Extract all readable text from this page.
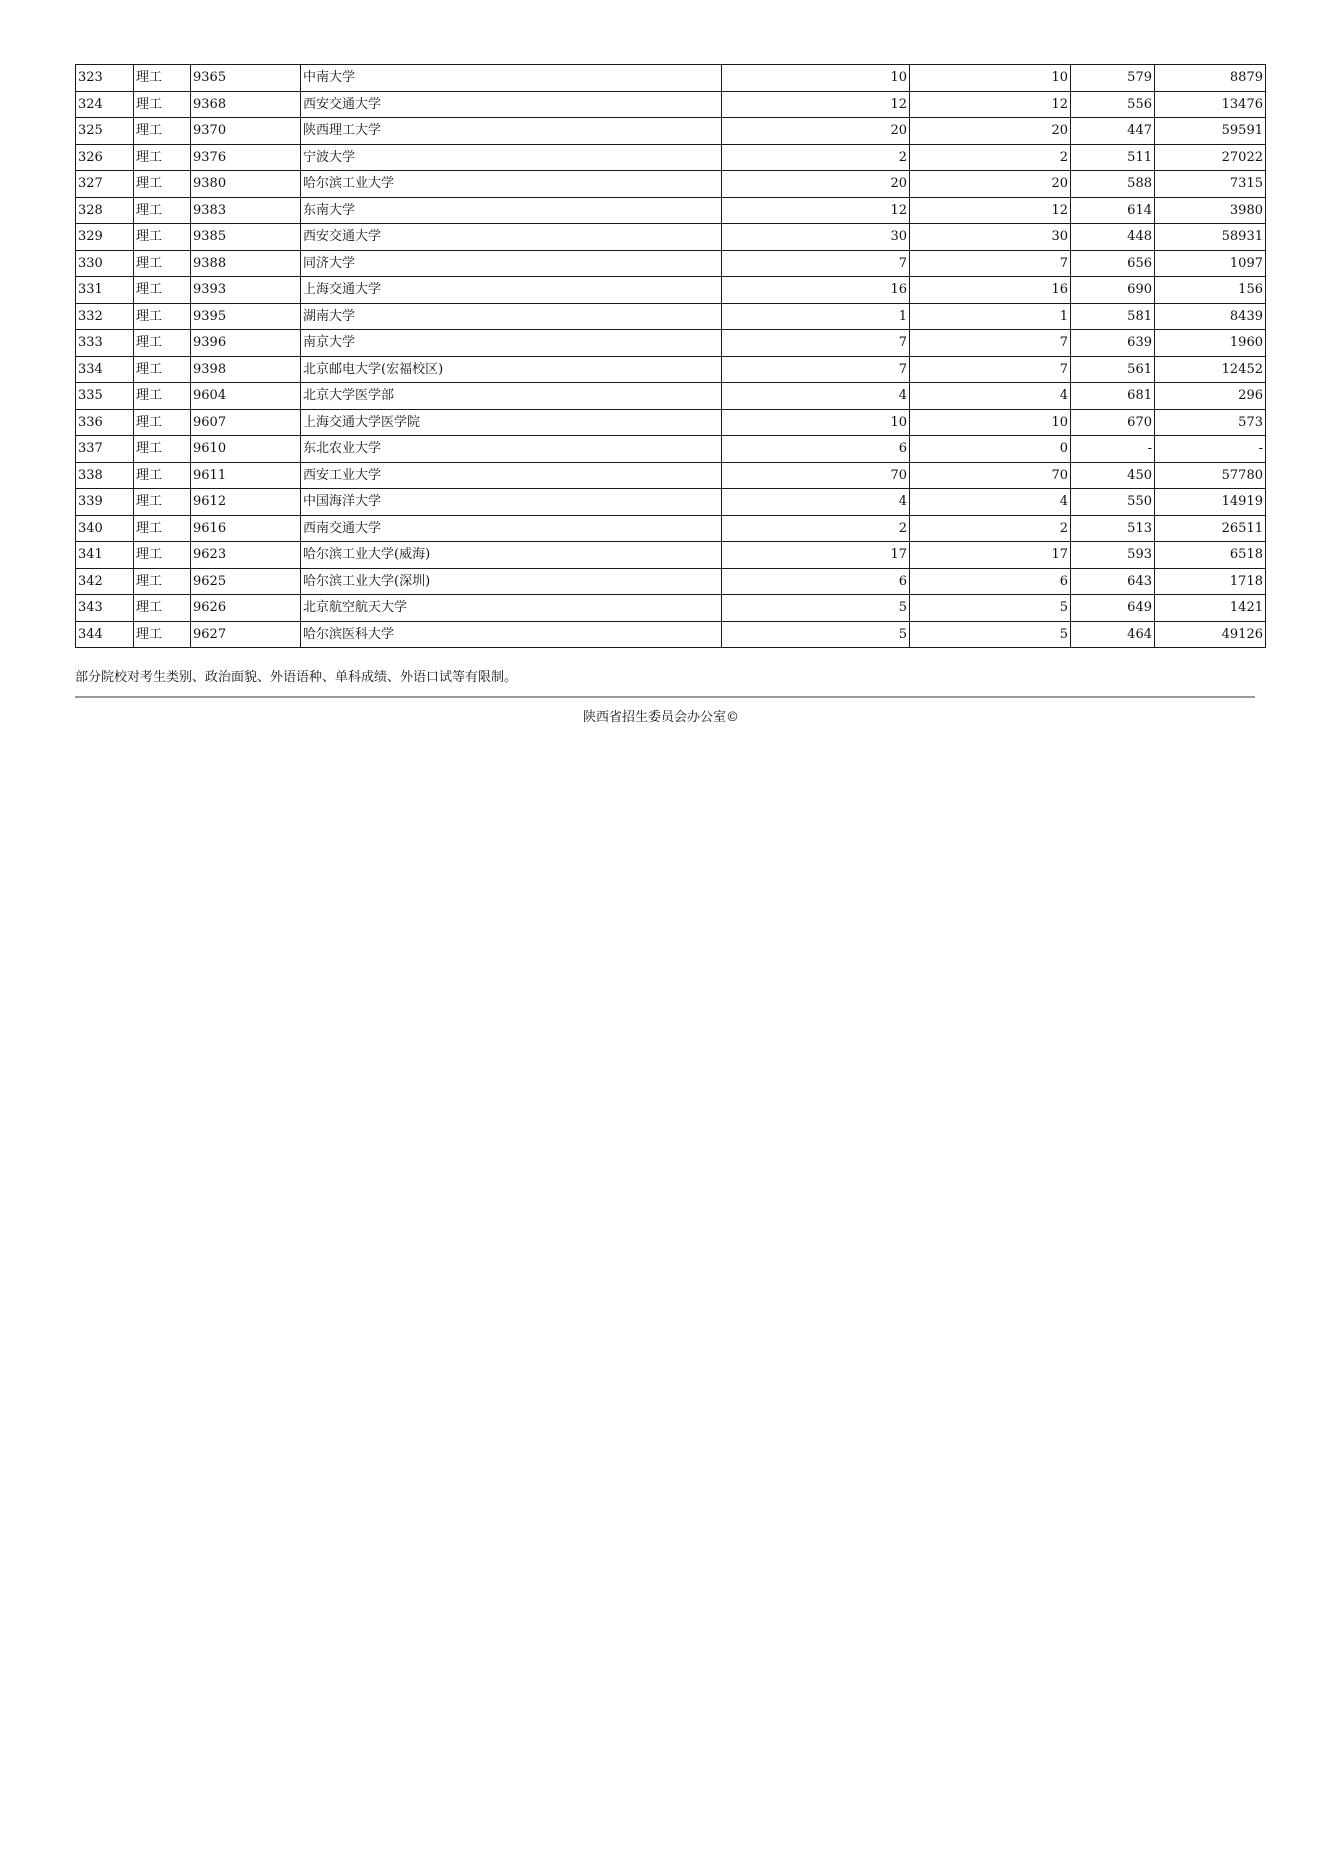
323	理工	9365	中南大学	10	10	579	8879
324	理工	9368	西安交通大学	12	12	556	13476
325	理工	9370	陕西理工大学	20	20	447	59591
326	理工	9376	宁波大学	2	2	511	27022
327	理工	9380	哈尔滨工业大学	20	20	588	7315
328	理工	9383	东南大学	12	12	614	3980
329	理工	9385	西安交通大学	30	30	448	58931
330	理工	9388	同济大学	7	7	656	1097
331	理工	9393	上海交通大学	16	16	690	156
332	理工	9395	湖南大学	1	1	581	8439
333	理工	9396	南京大学	7	7	639	1960
334	理工	9398	北京邮电大学(宏福校区)	7	7	561	12452
335	理工	9604	北京大学医学部	4	4	681	296
336	理工	9607	上海交通大学医学院	10	10	670	573
337	理工	9610	东北农业大学	6	0	-	-
338	理工	9611	西安工业大学	70	70	450	57780
339	理工	9612	中国海洋大学	4	4	550	14919
340	理工	9616	西南交通大学	2	2	513	26511
341	理工	9623	哈尔滨工业大学(威海)	17	17	593	6518
342	理工	9625	哈尔滨工业大学(深圳)	6	6	643	1718
343	理工	9626	北京航空航天大学	5	5	649	1421
344	理工	9627	哈尔滨医科大学	5	5	464	49126
部分院校对考生类别、政治面貌、外语语种、单科成绩、外语口试等有限制。
陕西省招生委员会办公室©
